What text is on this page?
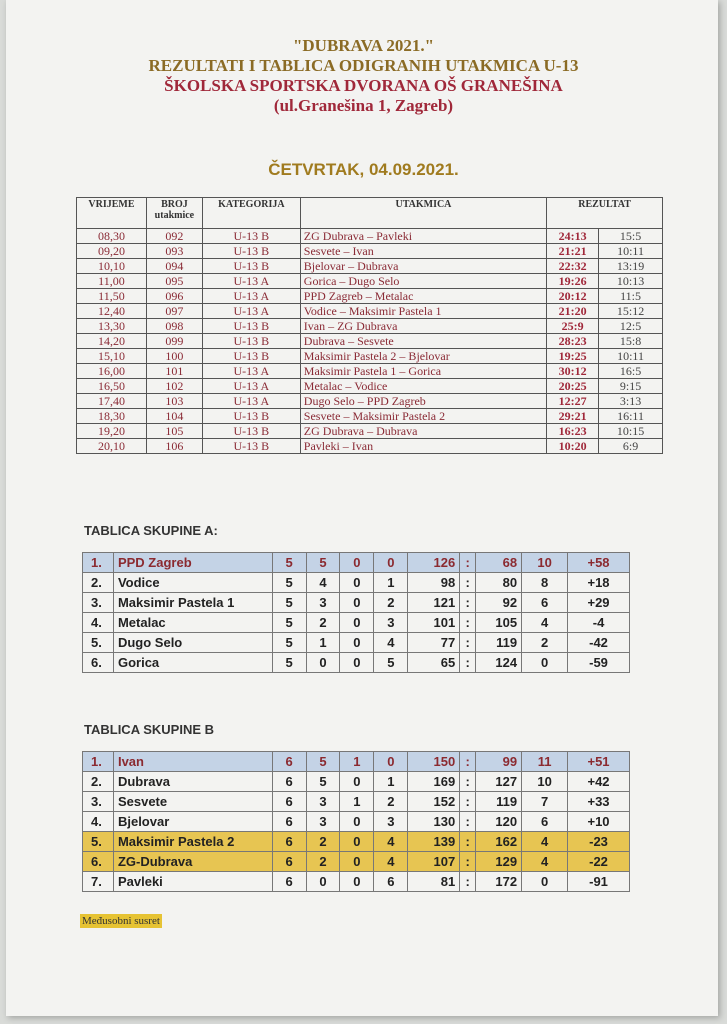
"DUBRAVA 2021."
REZULTATI I TABLICA ODIGRANIH UTAKMICA U-13
ŠKOLSKA SPORTSKA DVORANA OŠ GRANEŠINA
(ul.Granešina 1, Zagreb)
ČETVRTAK, 04.09.2021.
VRIJEME	BROJ utakmice	KATEGORIJA	UTAKMICA	REZULTAT	
08,30	092	U-13 B	ZG Dubrava – Pavleki	24:13	15:5
09,20	093	U-13 B	Sesvete – Ivan	21:21	10:11
10,10	094	U-13 B	Bjelovar – Dubrava	22:32	13:19
11,00	095	U-13 A	Gorica – Dugo Selo	19:26	10:13
11,50	096	U-13 A	PPD Zagreb – Metalac	20:12	11:5
12,40	097	U-13 A	Vodice – Maksimir Pastela 1	21:20	15:12
13,30	098	U-13 B	Ivan – ZG Dubrava	25:9	12:5
14,20	099	U-13 B	Dubrava – Sesvete	28:23	15:8
15,10	100	U-13 B	Maksimir Pastela 2 – Bjelovar	19:25	10:11
16,00	101	U-13 A	Maksimir Pastela 1 – Gorica	30:12	16:5
16,50	102	U-13 A	Metalac – Vodice	20:25	9:15
17,40	103	U-13 A	Dugo Selo – PPD Zagreb	12:27	3:13
18,30	104	U-13 B	Sesvete – Maksimir Pastela 2	29:21	16:11
19,20	105	U-13 B	ZG Dubrava – Dubrava	16:23	10:15
20,10	106	U-13 B	Pavleki – Ivan	10:20	6:9
TABLICA SKUPINE A:
1.	PPD Zagreb	5	5	0	0	126	:	68	10	+58
2.	Vodice	5	4	0	1	98	:	80	8	+18
3.	Maksimir Pastela 1	5	3	0	2	121	:	92	6	+29
4.	Metalac	5	2	0	3	101	:	105	4	-4
5.	Dugo Selo	5	1	0	4	77	:	119	2	-42
6.	Gorica	5	0	0	5	65	:	124	0	-59
TABLICA SKUPINE B
1.	Ivan	6	5	1	0	150	:	99	11	+51
2.	Dubrava	6	5	0	1	169	:	127	10	+42
3.	Sesvete	6	3	1	2	152	:	119	7	+33
4.	Bjelovar	6	3	0	3	130	:	120	6	+10
5.	Maksimir Pastela 2	6	2	0	4	139	:	162	4	-23
6.	ZG-Dubrava	6	2	0	4	107	:	129	4	-22
7.	Pavleki	6	0	0	6	81	:	172	0	-91
Međusobni susret
